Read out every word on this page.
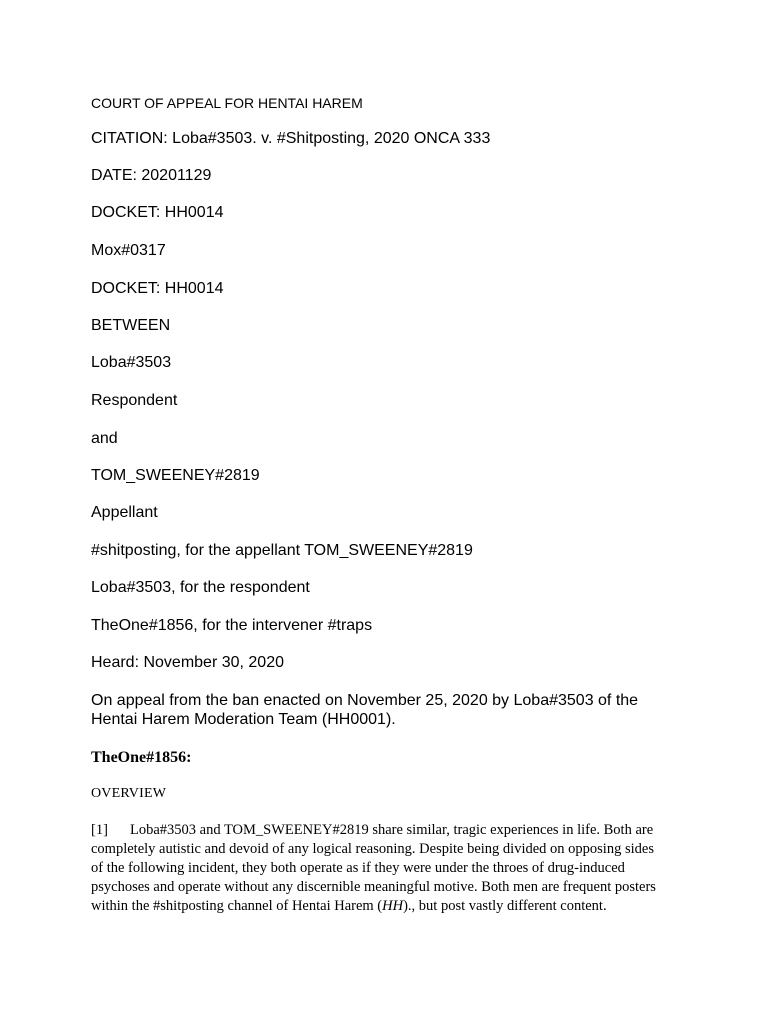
COURT OF APPEAL FOR HENTAI HAREM
CITATION: Loba#3503. v. #Shitposting, 2020 ONCA 333
DATE: 20201129
DOCKET: HH0014
Mox#0317
DOCKET: HH0014
BETWEEN
Loba#3503
Respondent
and
TOM_SWEENEY#2819
Appellant
#shitposting, for the appellant TOM_SWEENEY#2819
Loba#3503, for the respondent
TheOne#1856, for the intervener #traps
Heard: November 30, 2020
On appeal from the ban enacted on November 25, 2020 by Loba#3503 of the
Hentai Harem Moderation Team (HH0001).
TheOne#1856:
OVERVIEW
[1] Loba#3503 and TOM_SWEENEY#2819 share similar, tragic experiences in life. Both are
completely autistic and devoid of any logical reasoning. Despite being divided on opposing sides
of the following incident, they both operate as if they were under the throes of drug-induced
psychoses and operate without any discernible meaningful motive. Both men are frequent posters
within the #shitposting channel of Hentai Harem (HH)., but post vastly different content.
